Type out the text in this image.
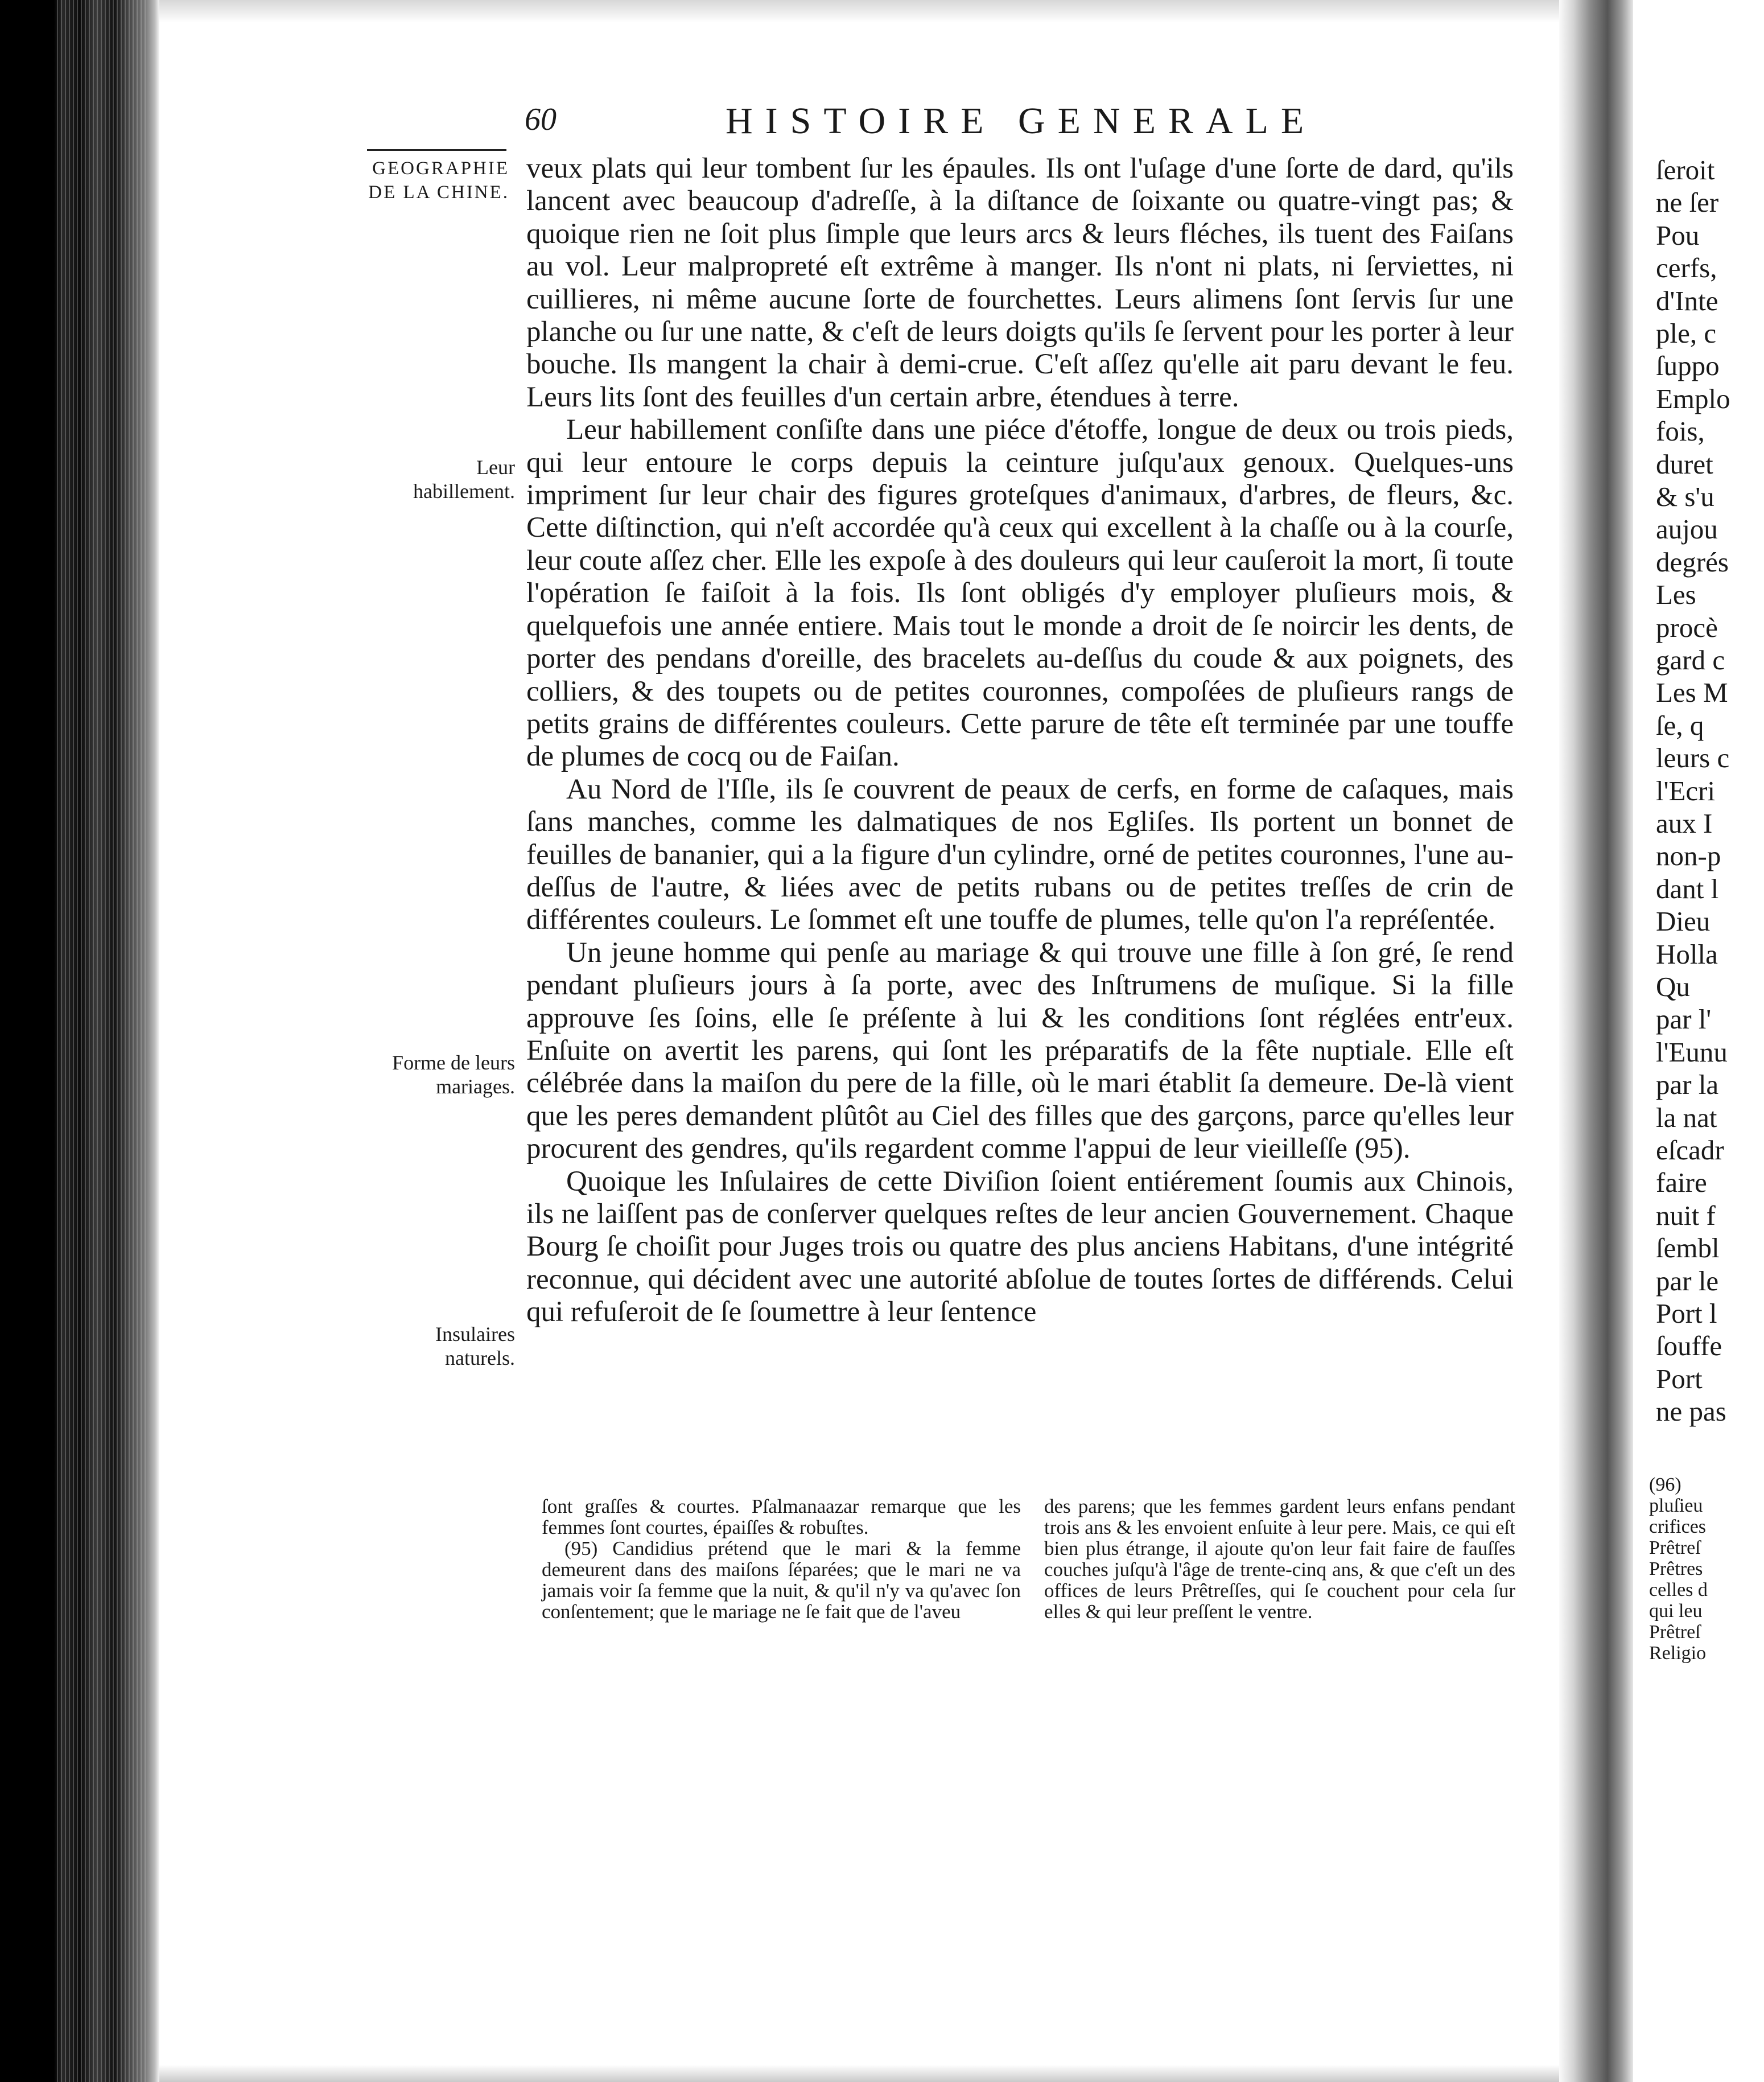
60	HISTOIRE GENERALE
GEOGRAPHIE DE LA CHINE.
Leur habillement.
Forme de leurs mariages.
Insulaires naturels.

veux plats qui leur tombent ſur les épaules. Ils ont l'uſage d'une ſorte de dard, qu'ils lancent avec beaucoup d'adreſſe, à la diſtance de ſoixante ou quatre-vingt pas; & quoique rien ne ſoit plus ſimple que leurs arcs & leurs fléches, ils tuent des Faiſans au vol. Leur malpropreté eſt extrême à manger. Ils n'ont ni plats, ni ſerviettes, ni cuillieres, ni même aucune ſorte de fourchettes. Leurs alimens ſont ſervis ſur une planche ou ſur une natte, & c'eſt de leurs doigts qu'ils ſe ſervent pour les porter à leur bouche. Ils mangent la chair à demi-crue. C'eſt aſſez qu'elle ait paru devant le feu. Leurs lits ſont des feuilles d'un certain arbre, étendues à terre.

Leur habillement conſiſte dans une piéce d'étoffe, longue de deux ou trois pieds, qui leur entoure le corps depuis la ceinture juſqu'aux genoux. Quelques-uns impriment ſur leur chair des figures groteſques d'animaux, d'arbres, de fleurs, &c. Cette diſtinction, qui n'eſt accordée qu'à ceux qui excellent à la chaſſe ou à la courſe, leur coute aſſez cher. Elle les expoſe à des douleurs qui leur cauſeroit la mort, ſi toute l'opération ſe faiſoit à la fois. Ils ſont obligés d'y employer pluſieurs mois, & quelquefois une année entiere. Mais tout le monde a droit de ſe noircir les dents, de porter des pendans d'oreille, des bracelets au-deſſus du coude & aux poignets, des colliers, & des toupets ou de petites couronnes, compoſées de pluſieurs rangs de petits grains de différentes couleurs. Cette parure de tête eſt terminée par une touffe de plumes de cocq ou de Faiſan.

Au Nord de l'Iſle, ils ſe couvrent de peaux de cerfs, en forme de caſaques, mais ſans manches, comme les dalmatiques de nos Egliſes. Ils portent un bonnet de feuilles de bananier, qui a la figure d'un cylindre, orné de petites couronnes, l'une au-deſſus de l'autre, & liées avec de petits rubans ou de petites treſſes de crin de différentes couleurs. Le ſommet eſt une touffe de plumes, telle qu'on l'a repréſentée.

Un jeune homme qui penſe au mariage & qui trouve une fille à ſon gré, ſe rend pendant pluſieurs jours à ſa porte, avec des Inſtrumens de muſique. Si la fille approuve ſes ſoins, elle ſe préſente à lui & les conditions ſont réglées entr'eux. Enſuite on avertit les parens, qui ſont les préparatifs de la fête nuptiale. Elle eſt célébrée dans la maiſon du pere de la fille, où le mari établit ſa demeure. De-là vient que les peres demandent plûtôt au Ciel des filles que des garçons, parce qu'elles leur procurent des gendres, qu'ils regardent comme l'appui de leur vieilleſſe (95).

Quoique les Inſulaires de cette Diviſion ſoient entiérement ſoumis aux Chinois, ils ne laiſſent pas de conſerver quelques reſtes de leur ancien Gouvernement. Chaque Bourg ſe choiſit pour Juges trois ou quatre des plus anciens Habitans, d'une intégrité reconnue, qui décident avec une autorité abſolue de toutes ſortes de différends. Celui qui refuſeroit de ſe ſoumettre à leur ſentence

ſont graſſes & courtes. Pſalmanaazar remarque que les femmes ſont courtes, épaiſſes & robuſtes.

(95) Candidius prétend que le mari & la femme demeurent dans des maiſons ſéparées; que le mari ne va jamais voir ſa femme que la nuit, & qu'il n'y va qu'avec ſon conſentement; que le mariage ne ſe fait que de l'aveu

des parens; que les femmes gardent leurs enfans pendant trois ans & les envoient enſuite à leur pere. Mais, ce qui eſt bien plus étrange, il ajoute qu'on leur fait faire de fauſſes couches juſqu'à l'âge de trente-cinq ans, & que c'eſt un des offices de leurs Prêtreſſes, qui ſe couchent pour cela ſur elles & qui leur preſſent le ventre.

ſeroit
ne ſer
Pou
cerfs,
d'Inte
ple, c
ſuppo
Emplo
fois,
duret
& s'u
aujou
degrés
Les
procè
gard c
Les M
ſe, q
leurs c
l'Ecri
aux I
non-p
dant l
Dieu
Holla
Qu
par l'
l'Eunu
par la
la nat
eſcadr
faire
nuit f
ſembl
par le
Port l
ſouffe
Port
ne pas
(96)
pluſieu
crifices
Prêtreſ
Prêtres
celles d
qui leu
Prêtreſ
Religio
